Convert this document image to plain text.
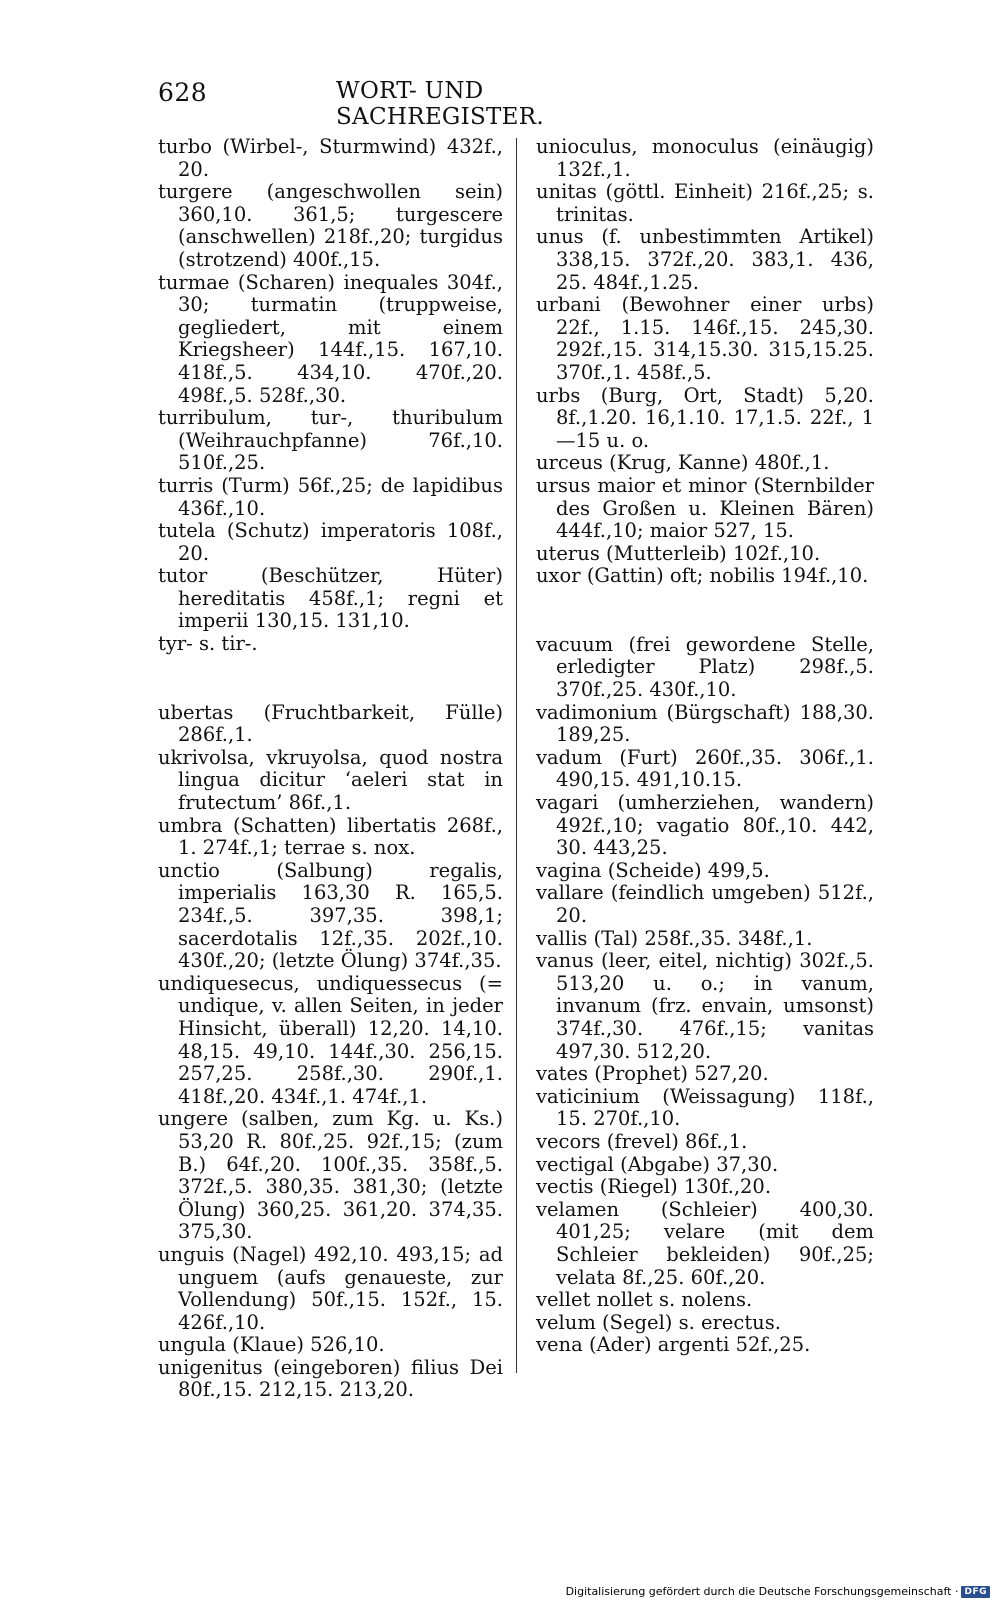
628	WORT- UND SACHREGISTER.

turbo (Wirbel-, Sturmwind) 432f., 20.

turgere (angeschwollen sein) 360,10. 361,5; turgescere (anschwellen) 218f.,20; turgidus (strotzend) 400f.,15.

turmae (Scharen) inequales 304f., 30; turmatin (truppweise, gegliedert, mit einem Kriegsheer) 144f.,15. 167,10. 418f.,5. 434,10. 470f.,20. 498f.,5. 528f.,30.

turribulum, tur-, thuribulum (Weihrauchpfanne) 76f.,10. 510f.,25.

turris (Turm) 56f.,25; de lapidibus 436f.,10.

tutela (Schutz) imperatoris 108f., 20.

tutor (Beschützer, Hüter) hereditatis 458f.,1; regni et imperii 130,15. 131,10.

tyr- s. tir-.

ubertas (Fruchtbarkeit, Fülle) 286f.,1.

ukrivolsa, vkruyolsa, quod nostra lingua dicitur ‘aeleri stat in frutectum’ 86f.,1.

umbra (Schatten) libertatis 268f., 1. 274f.,1; terrae s. nox.

unctio (Salbung) regalis, imperialis 163,30 R. 165,5. 234f.,5. 397,35. 398,1; sacerdotalis 12f.,35. 202f.,10. 430f.,20; (letzte Ölung) 374f.,35.

undiquesecus, undiquessecus (= undique, v. allen Seiten, in jeder Hinsicht, überall) 12,20. 14,10. 48,15. 49,10. 144f.,30. 256,15. 257,25. 258f.,30. 290f.,1. 418f.,20. 434f.,1. 474f.,1.

ungere (salben, zum Kg. u. Ks.) 53,20 R. 80f.,25. 92f.,15; (zum B.) 64f.,20. 100f.,35. 358f.,5. 372f.,5. 380,35. 381,30; (letzte Ölung) 360,25. 361,20. 374,35. 375,30.

unguis (Nagel) 492,10. 493,15; ad unguem (aufs genaueste, zur Vollendung) 50f.,15. 152f., 15. 426f.,10.

ungula (Klaue) 526,10.

unigenitus (eingeboren) filius Dei 80f.,15. 212,15. 213,20.

unioculus, monoculus (einäugig) 132f.,1.

unitas (göttl. Einheit) 216f.,25; s. trinitas.

unus (f. unbestimmten Artikel) 338,15. 372f.,20. 383,1. 436, 25. 484f.,1.25.

urbani (Bewohner einer urbs) 22f., 1.15. 146f.,15. 245,30. 292f.,15. 314,15.30. 315,15.25. 370f.,1. 458f.,5.

urbs (Burg, Ort, Stadt) 5,20. 8f.,1.20. 16,1.10. 17,1.5. 22f., 1—15 u. o.

urceus (Krug, Kanne) 480f.,1.

ursus maior et minor (Sternbilder des Großen u. Kleinen Bären) 444f.,10; maior 527, 15.

uterus (Mutterleib) 102f.,10.

uxor (Gattin) oft; nobilis 194f.,10.

vacuum (frei gewordene Stelle, erledigter Platz) 298f.,5. 370f.,25. 430f.,10.

vadimonium (Bürgschaft) 188,30. 189,25.

vadum (Furt) 260f.,35. 306f.,1. 490,15. 491,10.15.

vagari (umherziehen, wandern) 492f.,10; vagatio 80f.,10. 442, 30. 443,25.

vagina (Scheide) 499,5.

vallare (feindlich umgeben) 512f., 20.

vallis (Tal) 258f.,35. 348f.,1.

vanus (leer, eitel, nichtig) 302f.,5. 513,20 u. o.; in vanum, invanum (frz. envain, umsonst) 374f.,30. 476f.,15; vanitas 497,30. 512,20.

vates (Prophet) 527,20.

vaticinium (Weissagung) 118f., 15. 270f.,10.

vecors (frevel) 86f.,1.

vectigal (Abgabe) 37,30.

vectis (Riegel) 130f.,20.

velamen (Schleier) 400,30. 401,25; velare (mit dem Schleier bekleiden) 90f.,25; velata 8f.,25. 60f.,20.

vellet nollet s. nolens.

velum (Segel) s. erectus.

vena (Ader) argenti 52f.,25.

Digitalisierung gefördert durch die Deutsche Forschungsgemeinschaft · DFG
